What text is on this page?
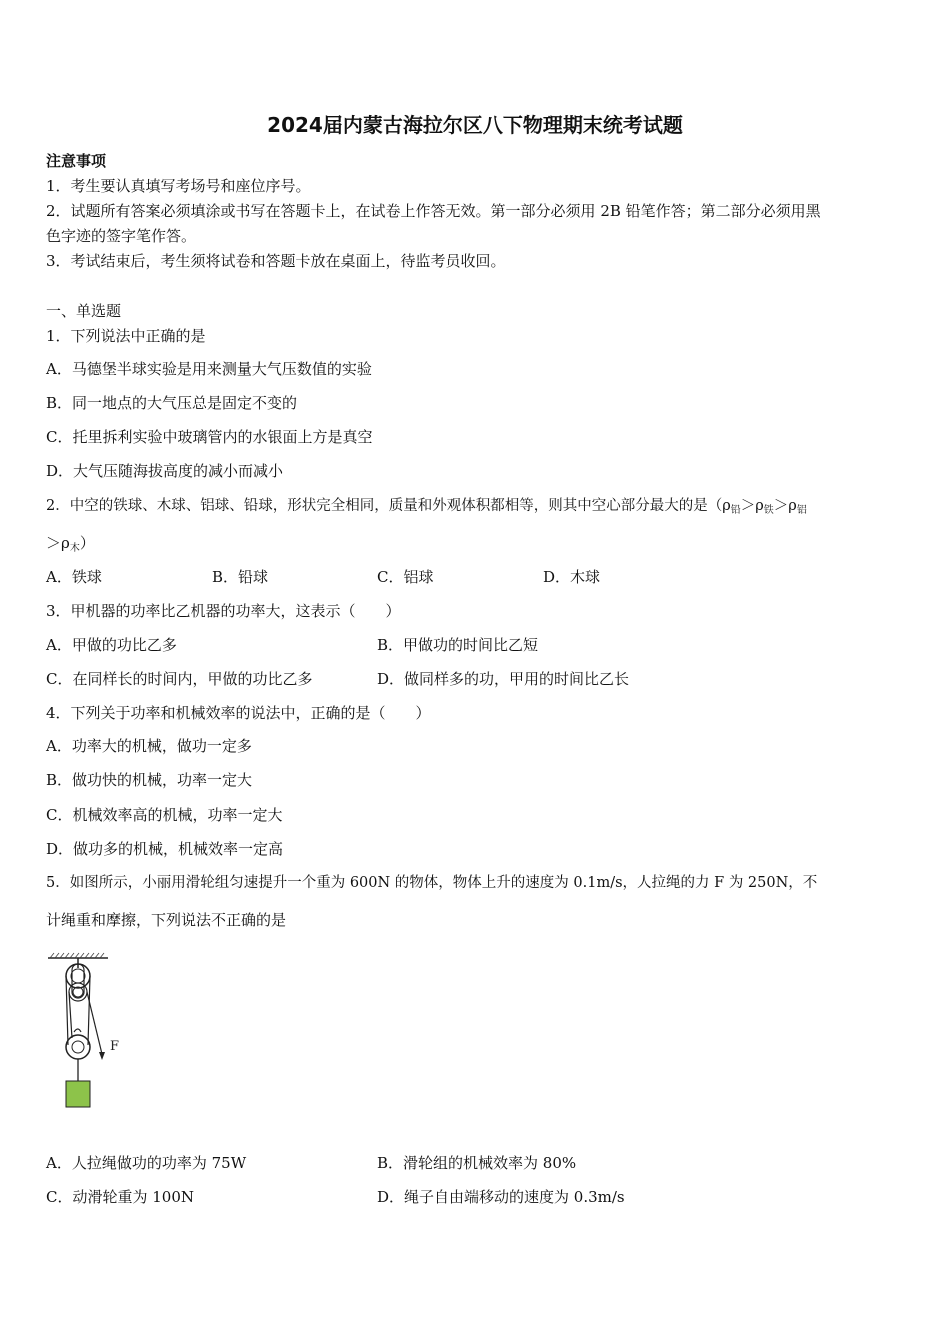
2024届内蒙古海拉尔区八下物理期末统考试题
注意事项
1．考生要认真填写考场号和座位序号。
2．试题所有答案必须填涂或书写在答题卡上，在试卷上作答无效。第一部分必须用 2B 铅笔作答；第二部分必须用黑
色字迹的签字笔作答。
3．考试结束后，考生须将试卷和答题卡放在桌面上，待监考员收回。
一、单选题
1．下列说法中正确的是
A．马德堡半球实验是用来测量大气压数值的实验
B．同一地点的大气压总是固定不变的
C．托里拆利实验中玻璃管内的水银面上方是真空
D．大气压随海拔高度的减小而减小
2．中空的铁球、木球、铝球、铅球，形状完全相同，质量和外观体积都相等，则其中空心部分最大的是（$\rho_铅>\rho_铁>\rho_铝$
$>\rho_木$）
A．铁球	B．铅球	C．铝球	D．木球
3．甲机器的功率比乙机器的功率大，这表示（　　）
A．甲做的功比乙多	B．甲做功的时间比乙短
C．在同样长的时间内，甲做的功比乙多	D．做同样多的功，甲用的时间比乙长
4．下列关于功率和机械效率的说法中，正确的是（　　）
A．功率大的机械，做功一定多
B．做功快的机械，功率一定大
C．机械效率高的机械，功率一定大
D．做功多的机械，机械效率一定高
5．如图所示，小丽用滑轮组匀速提升一个重为 600N 的物体，物体上升的速度为 0.1m/s，人拉绳的力 F 为 250N，不
计绳重和摩擦，下列说法不正确的是
F
A．人拉绳做功的功率为 75W	B．滑轮组的机械效率为 80%
C．动滑轮重为 100N	D．绳子自由端移动的速度为 0.3m/s
